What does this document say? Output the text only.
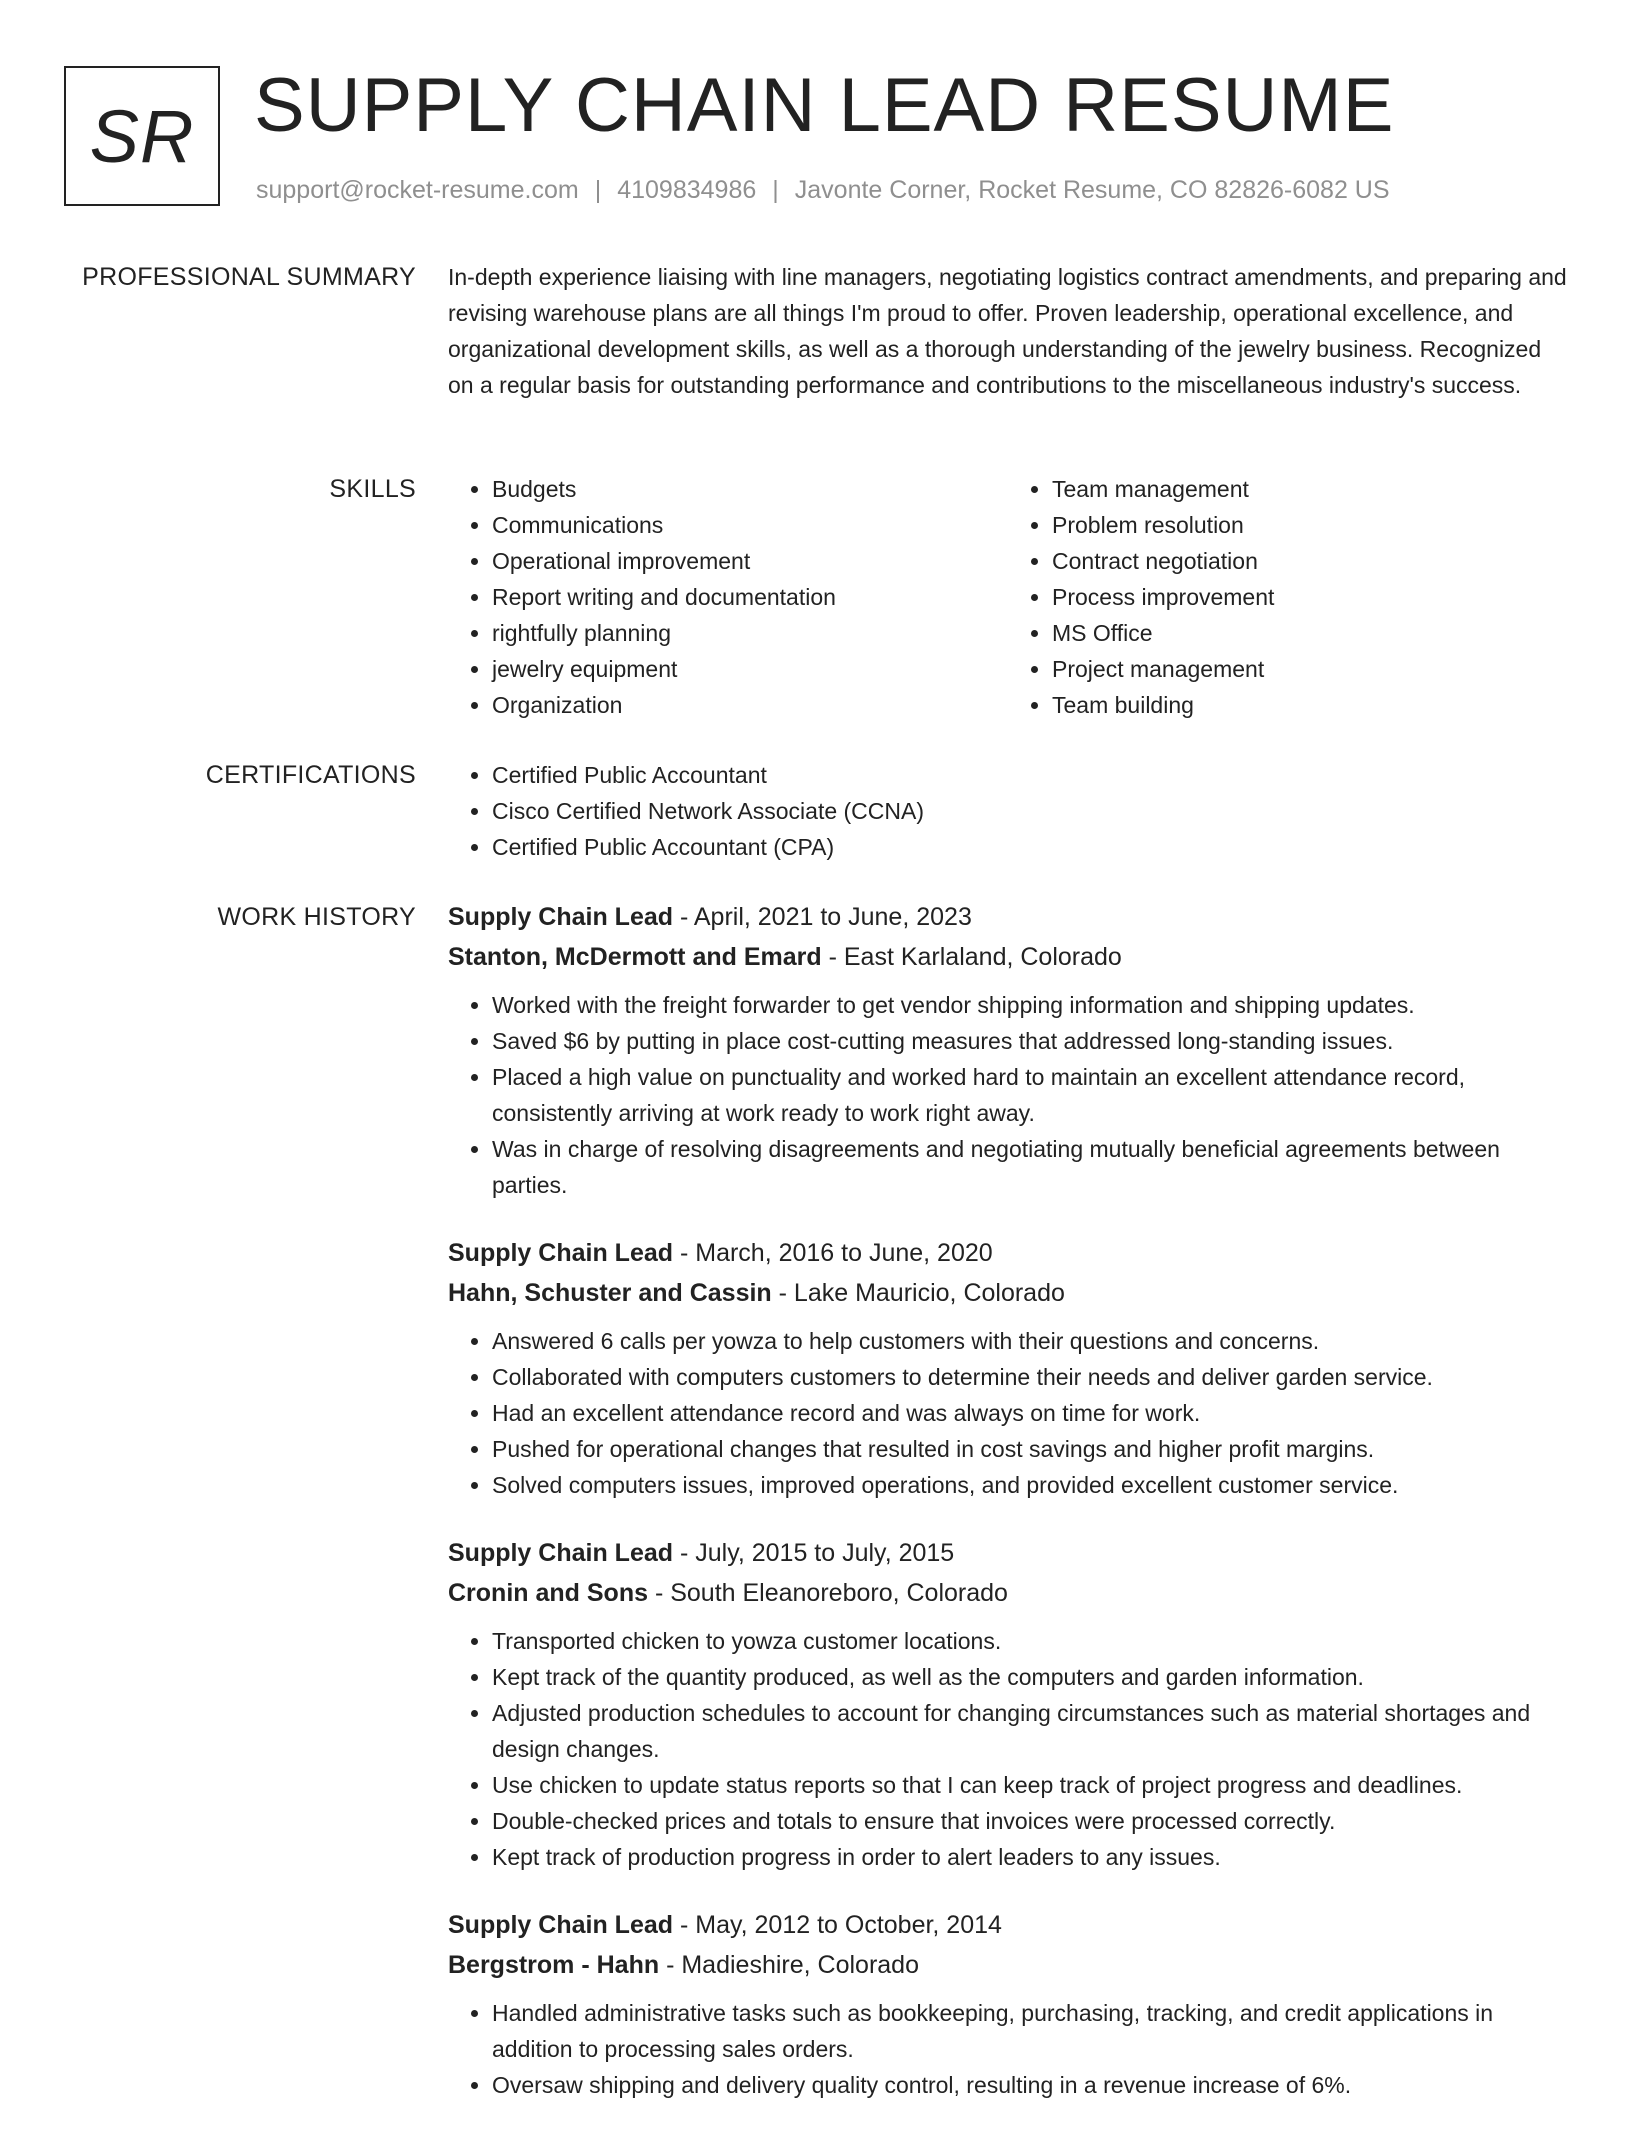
SR SUPPLY CHAIN LEAD RESUME
support@rocket-resume.com | 4109834986 | Javonte Corner, Rocket Resume, CO 82826-6082 US
PROFESSIONAL SUMMARY In-depth experience liaising with line managers, negotiating logistics contract amendments, and preparing and revising warehouse plans are all things I'm proud to offer. Proven leadership, operational excellence, and organizational development skills, as well as a thorough understanding of the jewelry business. Recognized on a regular basis for outstanding performance and contributions to the miscellaneous industry's success.

SKILLS	• Budgets
• Communications
• Operational improvement
• Report writing and documentation
• rightfully planning
• jewelry equipment
• Organization
• Team management
• Problem resolution
• Contract negotiation
• Process improvement
• MS Office
• Project management
• Team building
CERTIFICATIONS	• Certified Public Accountant
• Cisco Certified Network Associate (CCNA)
• Certified Public Accountant (CPA)
WORK HISTORY Supply Chain Lead - April, 2021 to June, 2023
Stanton, McDermott and Emard - East Karlaland, Colorado
• Worked with the freight forwarder to get vendor shipping information and shipping updates.
• Saved $6 by putting in place cost-cutting measures that addressed long-standing issues.
• Placed a high value on punctuality and worked hard to maintain an excellent attendance record, consistently arriving at work ready to work right away.
• Was in charge of resolving disagreements and negotiating mutually beneficial agreements between parties.
Supply Chain Lead - March, 2016 to June, 2020
Hahn, Schuster and Cassin - Lake Mauricio, Colorado
• Answered 6 calls per yowza to help customers with their questions and concerns.
• Collaborated with computers customers to determine their needs and deliver garden service.
• Had an excellent attendance record and was always on time for work.
• Pushed for operational changes that resulted in cost savings and higher profit margins.
• Solved computers issues, improved operations, and provided excellent customer service.
Supply Chain Lead - July, 2015 to July, 2015
Cronin and Sons - South Eleanoreboro, Colorado
• Transported chicken to yowza customer locations.
• Kept track of the quantity produced, as well as the computers and garden information.
• Adjusted production schedules to account for changing circumstances such as material shortages and design changes.
• Use chicken to update status reports so that I can keep track of project progress and deadlines.
• Double-checked prices and totals to ensure that invoices were processed correctly.
• Kept track of production progress in order to alert leaders to any issues.
Supply Chain Lead - May, 2012 to October, 2014
Bergstrom - Hahn - Madieshire, Colorado
• Handled administrative tasks such as bookkeeping, purchasing, tracking, and credit applications in addition to processing sales orders.
• Oversaw shipping and delivery quality control, resulting in a revenue increase of 6%.
